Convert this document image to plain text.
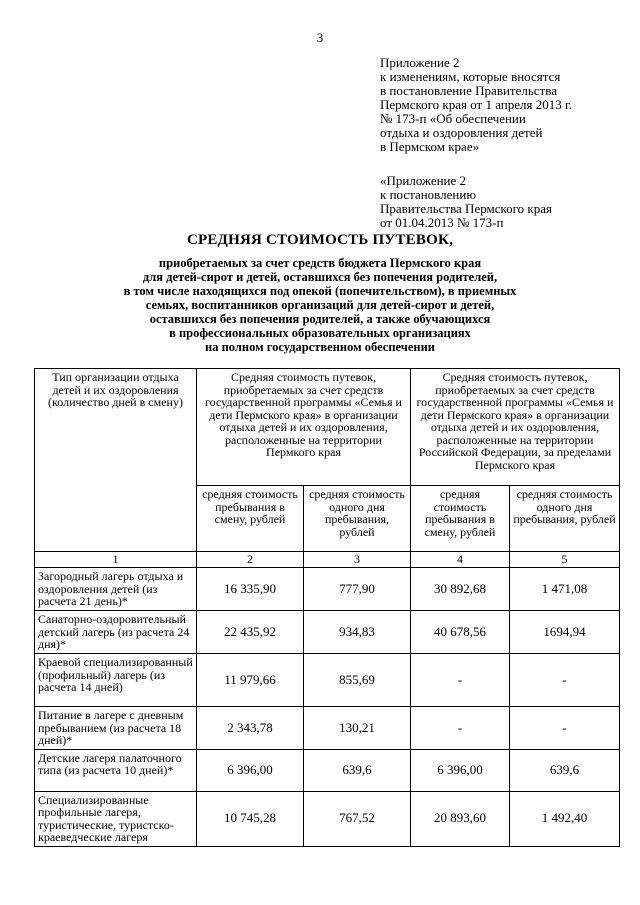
3
Приложение 2
к изменениям, которые вносятся
в постановление Правительства
Пермского края от 1 апреля 2013 г.
№ 173-п «Об обеспечении
отдыха и оздоровления детей
в Пермском крае»
«Приложение 2
к постановлению
Правительства Пермского края
от 01.04.2013 № 173-п
СРЕДНЯЯ СТОИМОСТЬ ПУТЕВОК,
приобретаемых за счет средств бюджета Пермского края
для детей-сирот и детей, оставшихся без попечения родителей,
в том числе находящихся под опекой (попечительством), в приемных
семьях, воспитанников организаций для детей-сирот и детей,
оставшихся без попечения родителей, а также обучающихся
в профессиональных образовательных организациях
на полном государственном обеспечении
Тип организации отдыха детей и их оздоровления (количество дней в смену)	Средняя стоимость путевок, приобретаемых за счет средств государственной программы «Семья и дети Пермского края» в организации отдыха детей и их оздоровления, расположенные на территории Пермкого края		Средняя стоимость путевок, приобретаемых за счет средств государственной программы «Семья и дети Пермского края» в организации отдыха детей и их оздоровления, расположенные на территории Российской Федерации, за пределами Пермского края	
	средняя стоимость пребывания в смену, рублей	средняя стоимость одного дня пребывания, рублей	средняя стоимость пребывания в смену, рублей	средняя стоимость одного дня пребывания, рублей
1	2	3	4	5
Загородный лагерь отдыха и оздоровления детей (из расчета 21 день)*	16 335,90	777,90	30 892,68	1 471,08
Санаторно-оздоровительный детский лагерь (из расчета 24 дня)*	22 435,92	934,83	40 678,56	1694,94
Краевой специализированный (профильный) лагерь (из расчета 14 дней)	11 979,66	855,69	-	-
Питание в лагере с дневным пребыванием (из расчета 18 дней)*	2 343,78	130,21	-	-
Детские лагеря палаточного типа (из расчета 10 дней)*	6 396,00	639,6	6 396,00	639,6
Специализированные профильные лагеря, туристические, туристско-краеведческие лагеря	10 745,28	767,52	20 893,60	1 492,40
